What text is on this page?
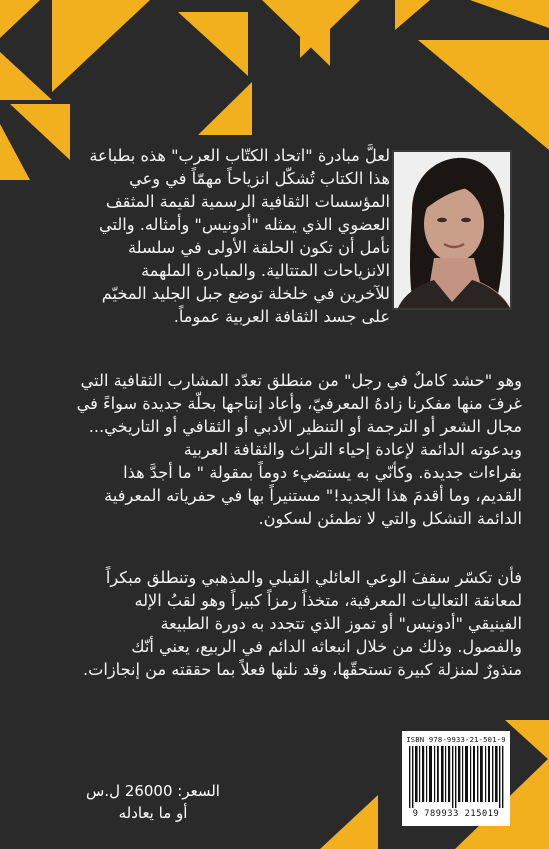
لعلَّ مبادرة "اتحاد الكتّاب العرب" هذه بطباعة

هذا الكتاب تُشكّل انزياحاً مهمّاً في وعي

المؤسسات الثقافية الرسمية لقيمة المثقف

العضوي الذي يمثله "أدونيس" وأمثاله. والتي

نأمل أن تكون الحلقة الأولى في سلسلة

الانزياحات المتتالية. والمبادرة الملهمة

للآخرين في خلخلة توضع جبل الجليد المخيّم

على جسد الثقافة العربية عموماً.

وهو "حشد كاملٌ في رجل" من منطلق تعدّد المشارب الثقافية التي

غرفَ منها مفكرنا زادهُ المعرفيّ، وأعاد إنتاجها بحلّة جديدة سواءً في

مجال الشعر أو الترجمة أو التنظير الأدبي أو الثقافي أو التاريخي...

وبدعوته الدائمة لإعادة إحياء التراث والثقافة العربية

بقراءات جديدة. وكأنّي به يستضيء دوماً بمقولة " ما أجدَّ هذا

القديم، وما أقدمَ هذا الجديد!" مستنيراً بها في حفرياته المعرفية

الدائمة التشكل والتي لا تطمئن لسكون.

فأن تكسّر سقفَ الوعي العائلي القبلي والمذهبي وتنطلق مبكراً

لمعانقة التعاليات المعرفية، متخذاً رمزاً كبيراً وهو لقبُ الإله

الفينيقي "أدونيس" أو تموز الذي تتجدد به دورة الطبيعة

والفصول. وذلك من خلال انبعاثه الدائم في الربيع، يعني أنّك

منذورٌ لمنزلة كبيرة تستحقّها، وقد نلتها فعلاً بما حققته من إنجازات.

السعر: 26000 ل.س
أو ما يعادله
ISBN 978-9933-21-501-9
9 789933 215019
